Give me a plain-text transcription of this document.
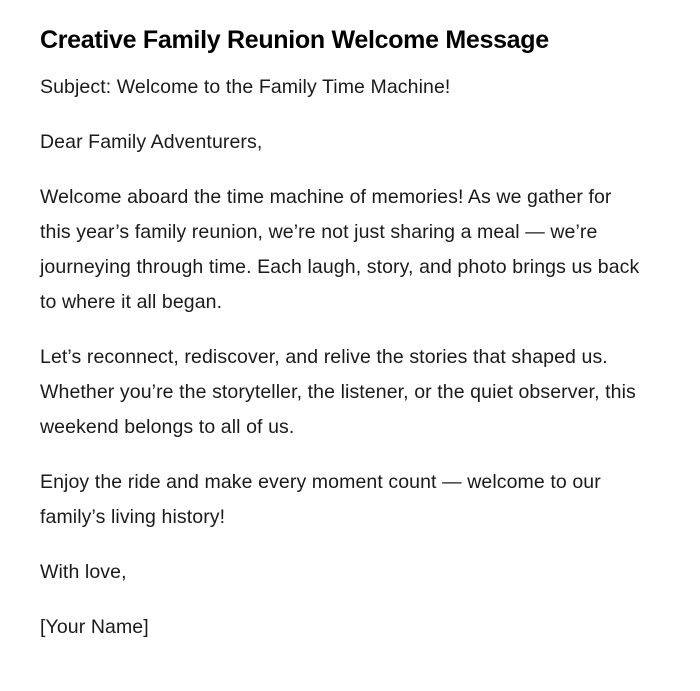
Creative Family Reunion Welcome Message

Subject: Welcome to the Family Time Machine!

Dear Family Adventurers,

Welcome aboard the time machine of memories! As we gather for this year’s family reunion, we’re not just sharing a meal — we’re journeying through time. Each laugh, story, and photo brings us back to where it all began.

Let’s reconnect, rediscover, and relive the stories that shaped us. Whether you’re the storyteller, the listener, or the quiet observer, this weekend belongs to all of us.

Enjoy the ride and make every moment count — welcome to our family’s living history!

With love,

[Your Name]
